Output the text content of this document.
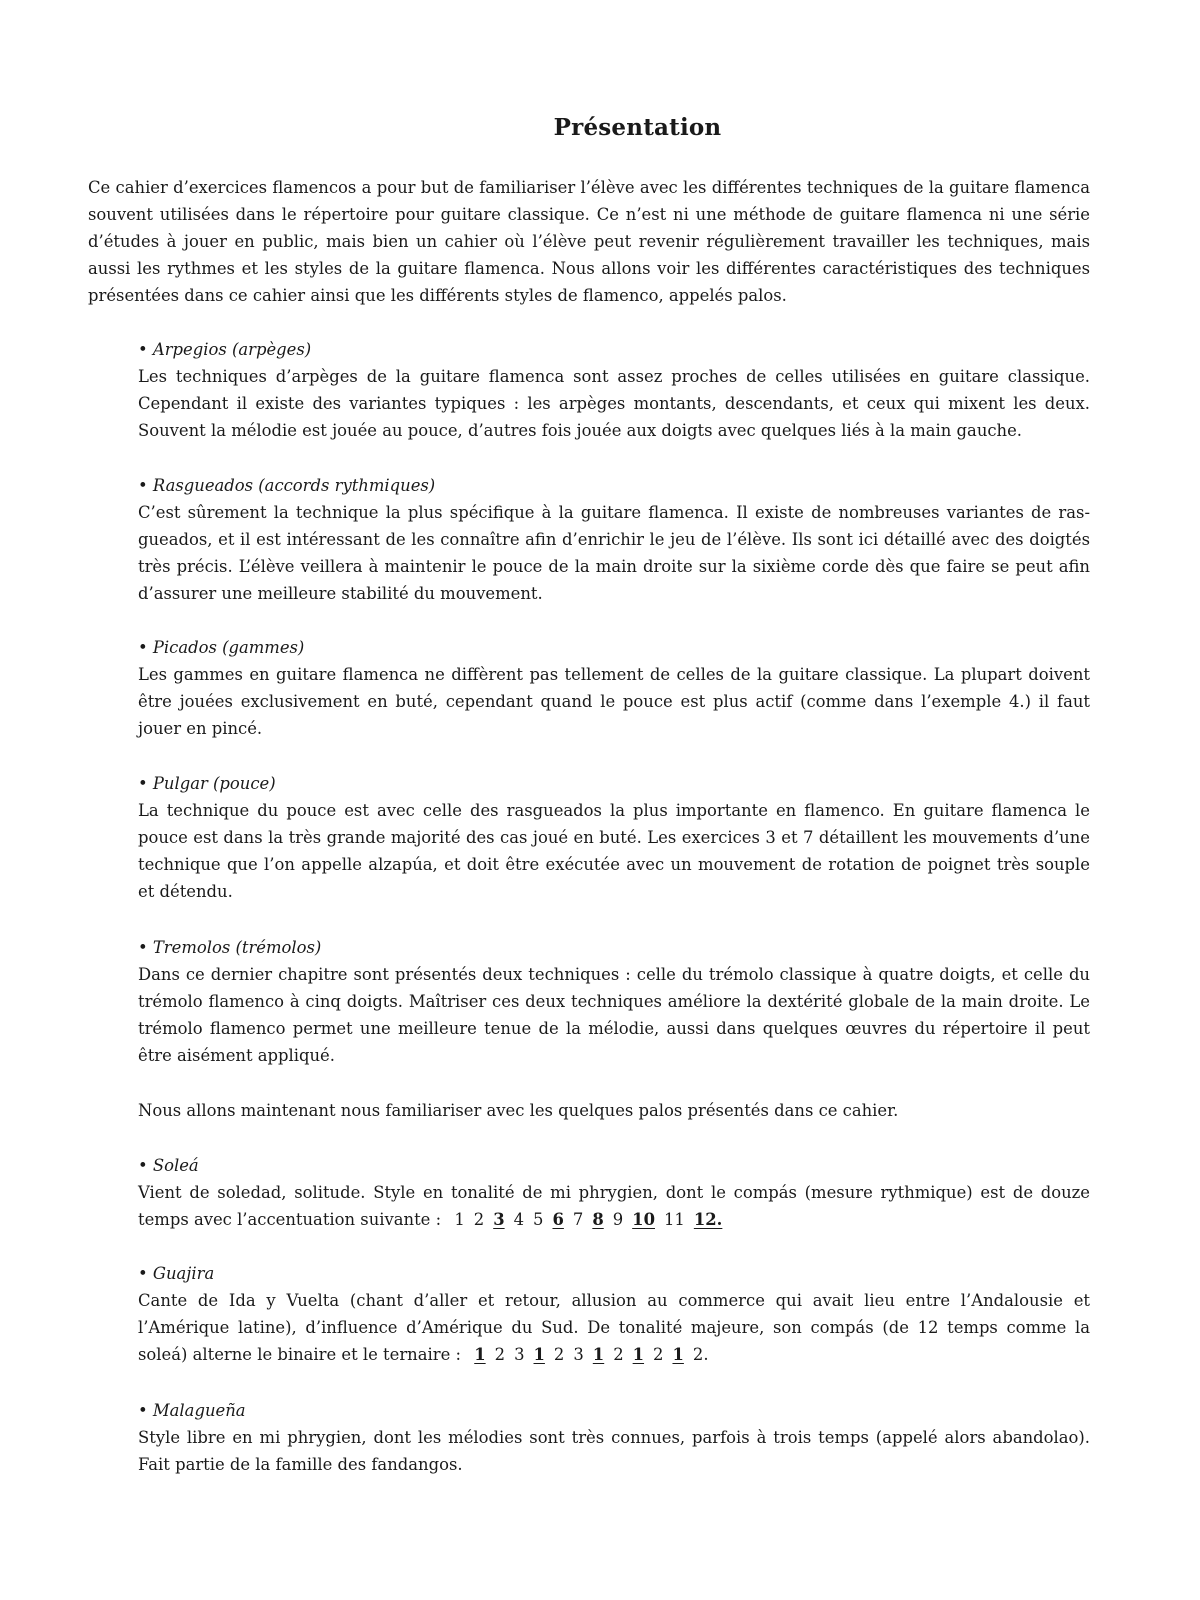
Présentation
Ce cahier d’exercices flamencos a pour but de familiariser l’élève avec les différentes techniques de la guitare flamenca souvent utilisées dans le répertoire pour guitare classique. Ce n’est ni une méthode de guitare flamenca ni une série d’études à jouer en public, mais bien un cahier où l’élève peut revenir régulièrement travailler les techniques, mais aussi les rythmes et les styles de la guitare flamenca. Nous allons voir les différentes caractéristiques des techniques présentées dans ce cahier ainsi que les différents styles de flamenco, appelés palos.
• Arpegios (arpèges)
Les techniques d’arpèges de la guitare flamenca sont assez proches de celles utilisées en guitare classique. Cependant il existe des variantes typiques : les arpèges montants, descendants, et ceux qui mixent les deux. Souvent la mélodie est jouée au pouce, d’autres fois jouée aux doigts avec quelques liés à la main gauche.
• Rasgueados (accords rythmiques)
C’est sûrement la technique la plus spécifique à la guitare flamenca. Il existe de nombreuses variantes de rasgueados, et il est intéressant de les connaître afin d’enrichir le jeu de l’élève. Ils sont ici détaillé avec des doigtés très précis. L’élève veillera à maintenir le pouce de la main droite sur la sixième corde dès que faire se peut afin d’assurer une meilleure stabilité du mouvement.
• Picados (gammes)
Les gammes en guitare flamenca ne diffèrent pas tellement de celles de la guitare classique. La plupart doivent être jouées exclusivement en buté, cependant quand le pouce est plus actif (comme dans l’exemple 4.) il faut jouer en pincé.
• Pulgar (pouce)
La technique du pouce est avec celle des rasgueados la plus importante en flamenco. En guitare flamenca le pouce est dans la très grande majorité des cas joué en buté. Les exercices 3 et 7 détaillent les mouvements d’une technique que l’on appelle alzapúa, et doit être exécutée avec un mouvement de rotation de poignet très souple et détendu.
• Tremolos (trémolos)
Dans ce dernier chapitre sont présentés deux techniques : celle du trémolo classique à quatre doigts, et celle du trémolo flamenco à cinq doigts. Maîtriser ces deux techniques améliore la dextérité globale de la main droite. Le trémolo flamenco permet une meilleure tenue de la mélodie, aussi dans quelques œuvres du répertoire il peut être aisément appliqué.
Nous allons maintenant nous familiariser avec les quelques palos présentés dans ce cahier.
• Soleá
Vient de soledad, solitude. Style en tonalité de mi phrygien, dont le compás (mesure rythmique) est de douze temps avec l’accentuation suivante : 1 2 3 4 5 6 7 8 9 10 11 12.
• Guajira
Cante de Ida y Vuelta (chant d’aller et retour, allusion au commerce qui avait lieu entre l’Andalousie et l’Amérique latine), d’influence d’Amérique du Sud. De tonalité majeure, son compás (de 12 temps comme la soleá) alterne le binaire et le ternaire : 1 2 3 1 2 3 1 2 1 2 1 2.
• Malagueña
Style libre en mi phrygien, dont les mélodies sont très connues, parfois à trois temps (appelé alors abandolao). Fait partie de la famille des fandangos.
